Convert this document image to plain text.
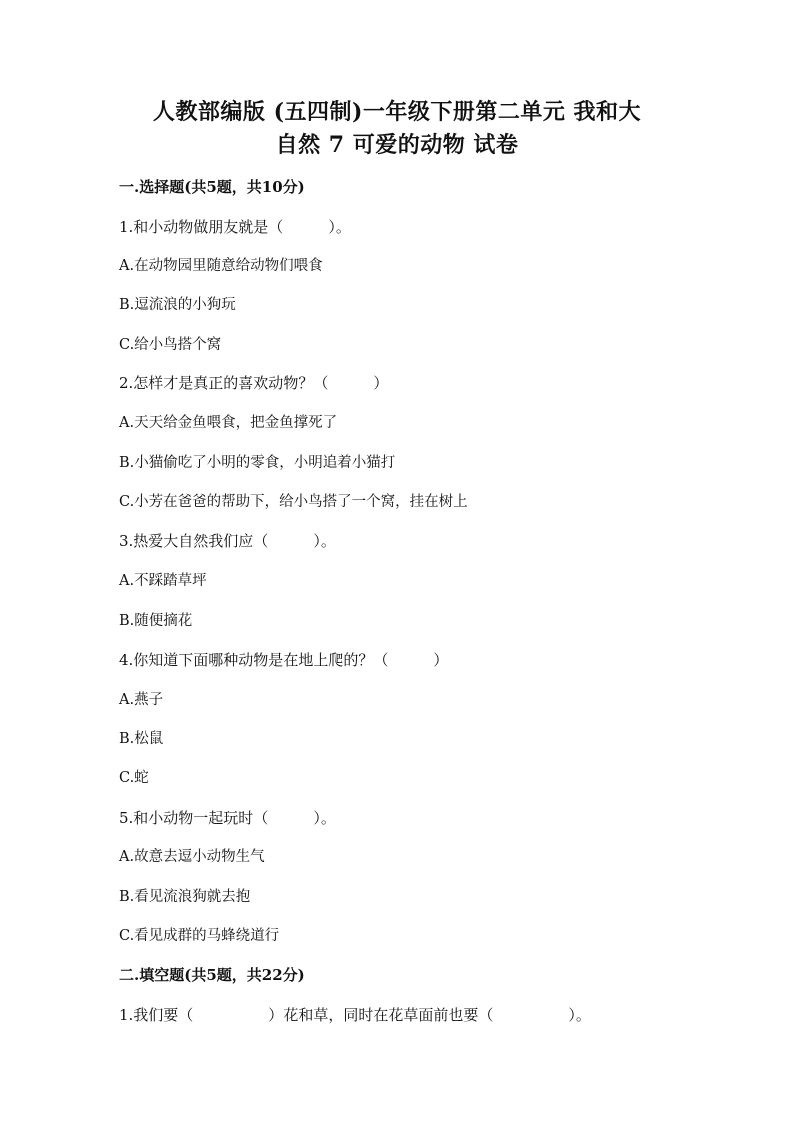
人教部编版 (五四制)一年级下册第二单元 我和大
自然 7 可爱的动物 试卷
一.选择题(共5题，共10分)
1.和小动物做朋友就是（　　　）。
A.在动物园里随意给动物们喂食
B.逗流浪的小狗玩
C.给小鸟搭个窝
2.怎样才是真正的喜欢动物？（　　　）
A.天天给金鱼喂食，把金鱼撑死了
B.小猫偷吃了小明的零食，小明追着小猫打
C.小芳在爸爸的帮助下，给小鸟搭了一个窝，挂在树上
3.热爱大自然我们应（　　　）。
A.不踩踏草坪
B.随便摘花
4.你知道下面哪种动物是在地上爬的？（　　　）
A.燕子
B.松鼠
C.蛇
5.和小动物一起玩时（　　　）。
A.故意去逗小动物生气
B.看见流浪狗就去抱
C.看见成群的马蜂绕道行
二.填空题(共5题，共22分)
1.我们要（　　　　　）花和草，同时在花草面前也要（　　　　　）。
